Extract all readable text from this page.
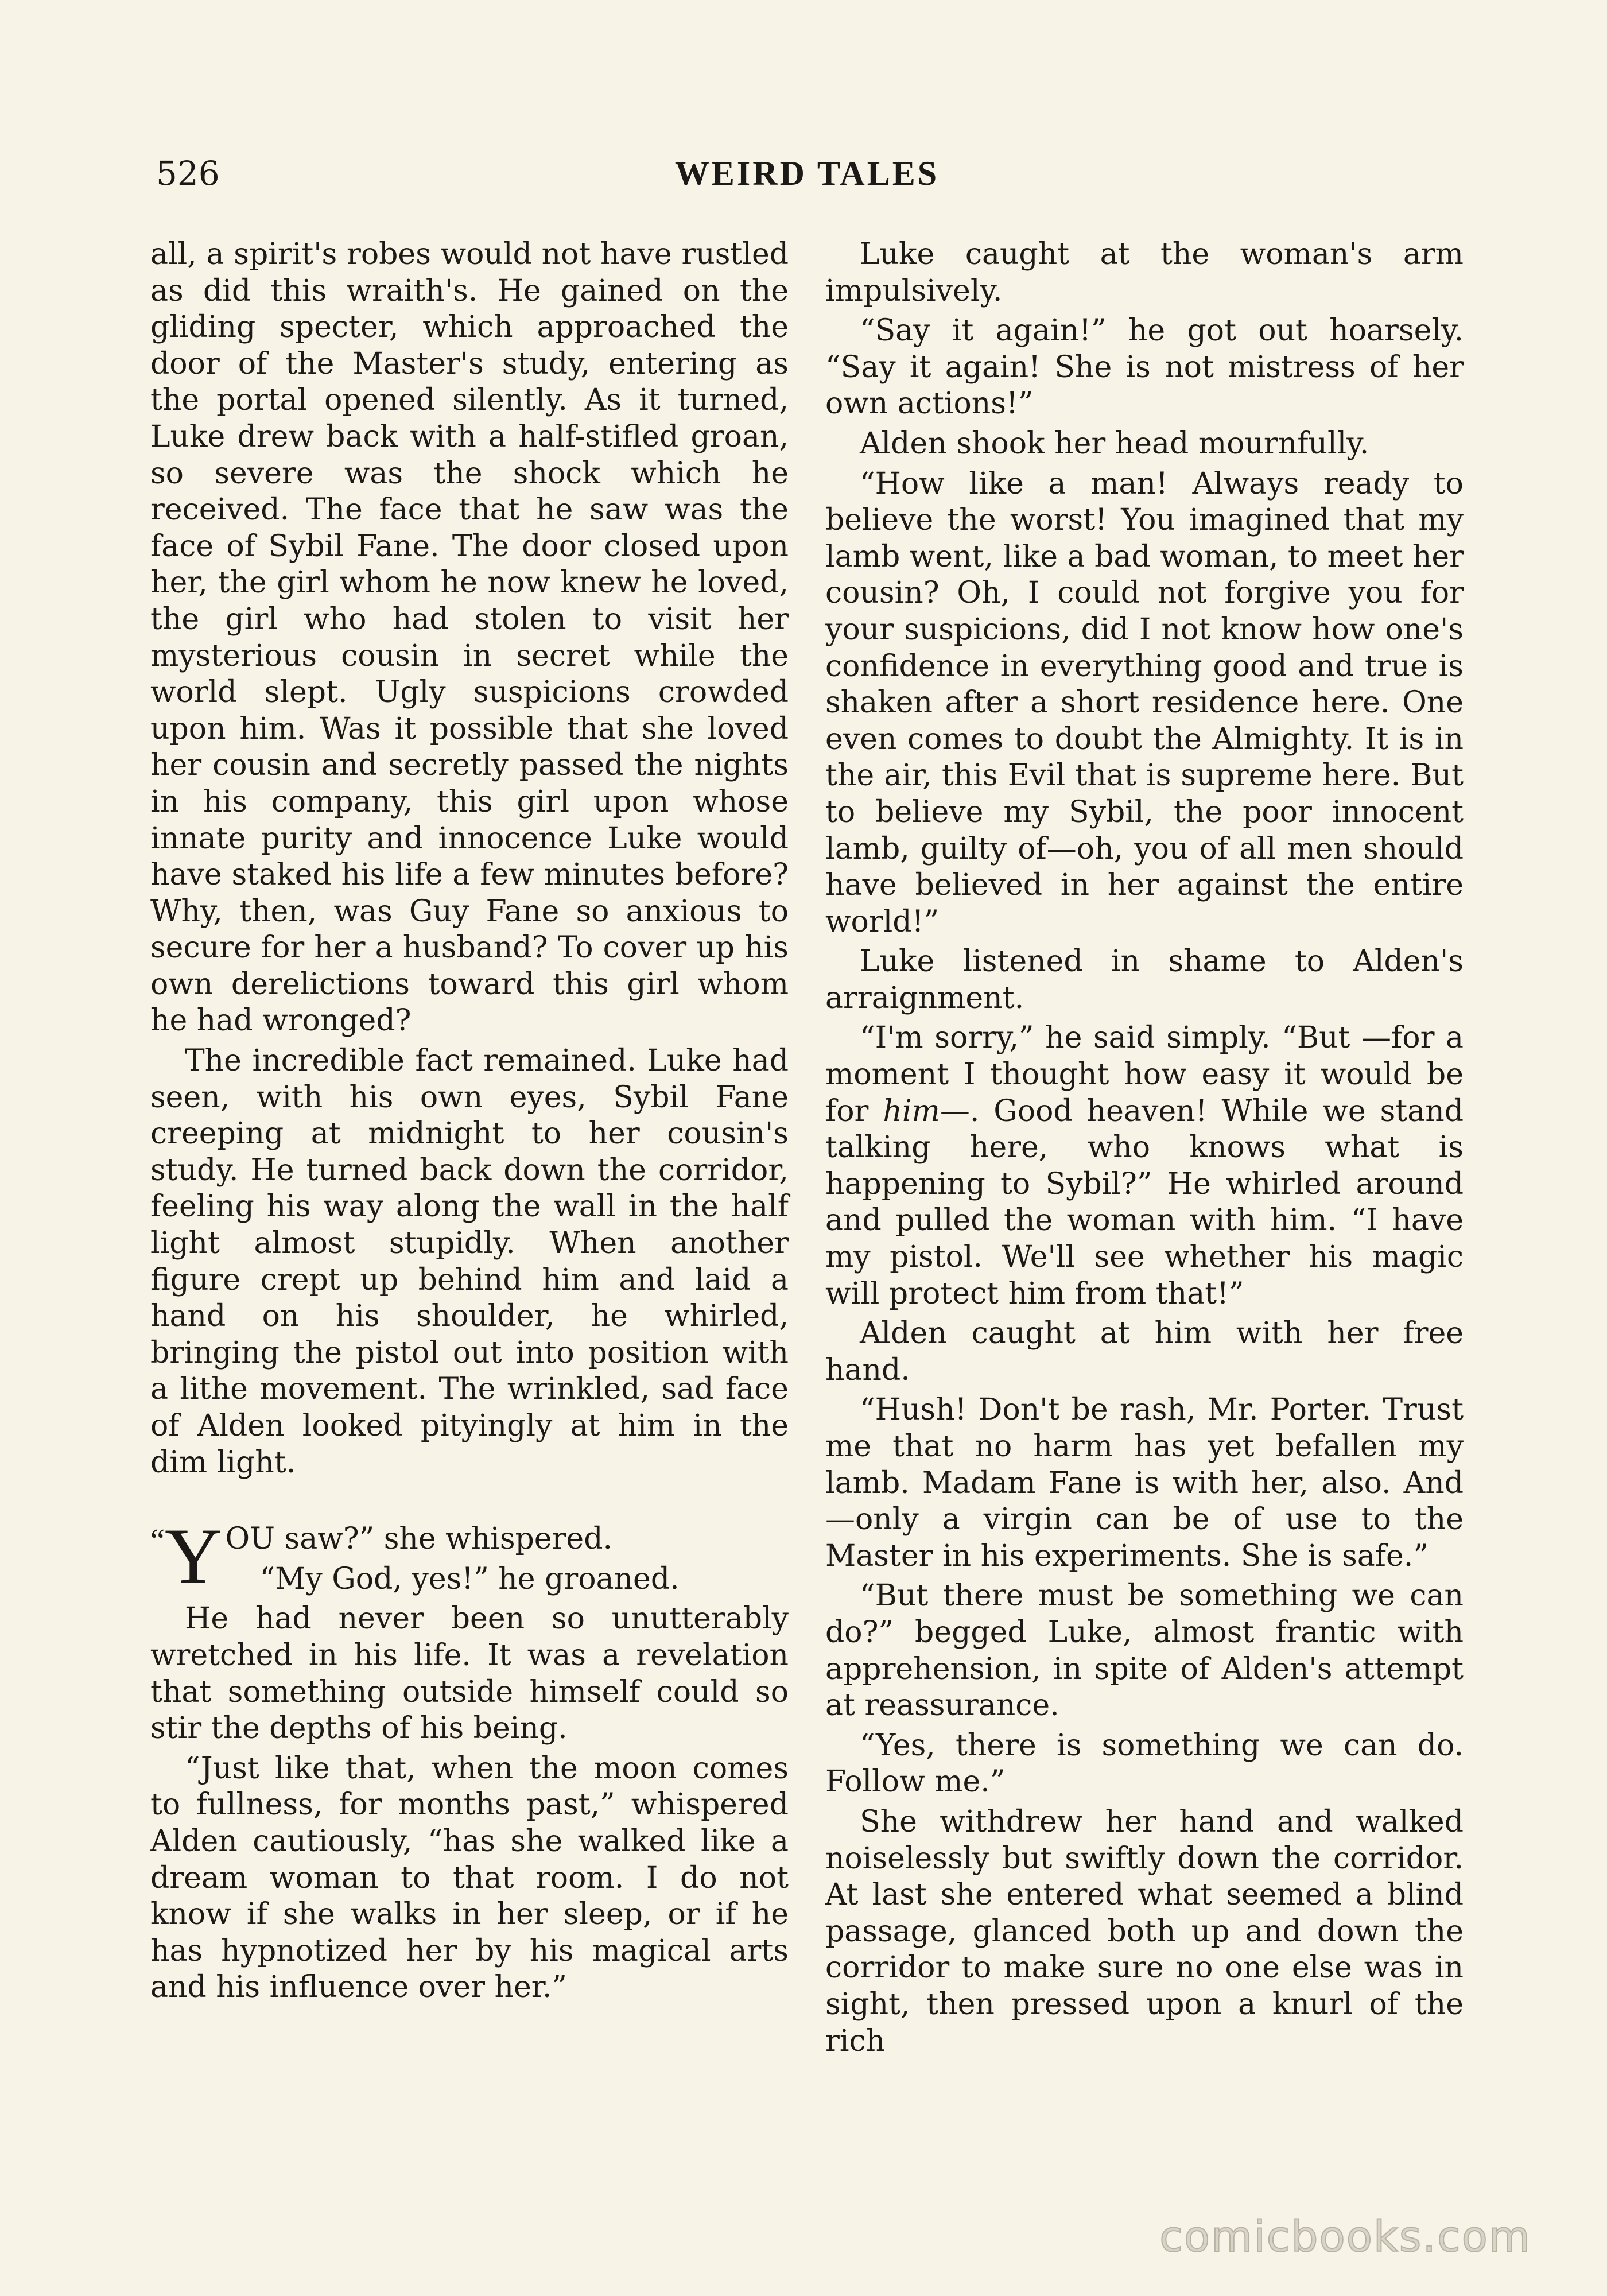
526	WEIRD TALES

all, a spirit's robes would not have rustled as did this wraith's. He gained on the gliding specter, which approached the door of the Master's study, entering as the portal opened silently. As it turned, Luke drew back with a half-stifled groan, so severe was the shock which he received. The face that he saw was the face of Sybil Fane. The door closed upon her, the girl whom he now knew he loved, the girl who had stolen to visit her mysterious cousin in secret while the world slept. Ugly suspicions crowded upon him. Was it possible that she loved her cousin and secretly passed the nights in his company, this girl upon whose innate purity and innocence Luke would have staked his life a few minutes before? Why, then, was Guy Fane so anxious to secure for her a husband? To cover up his own derelictions toward this girl whom he had wronged?

The incredible fact remained. Luke had seen, with his own eyes, Sybil Fane creeping at midnight to her cousin's study. He turned back down the corridor, feeling his way along the wall in the half light almost stupidly. When another figure crept up behind him and laid a hand on his shoulder, he whirled, bringing the pistol out into position with a lithe movement. The wrinkled, sad face of Alden looked pityingly at him in the dim light.

“Y OU saw?” she whispered.

“My God, yes!” he groaned.

He had never been so unutterably wretched in his life. It was a revelation that something outside himself could so stir the depths of his being.

“Just like that, when the moon comes to fullness, for months past,” whispered Alden cautiously, “has she walked like a dream woman to that room. I do not know if she walks in her sleep, or if he has hypnotized her by his magical arts and his influence over her.”

Luke caught at the woman's arm impulsively.

“Say it again!” he got out hoarsely. “Say it again! She is not mistress of her own actions!”

Alden shook her head mournfully.

“How like a man! Always ready to believe the worst! You imagined that my lamb went, like a bad woman, to meet her cousin? Oh, I could not forgive you for your suspicions, did I not know how one's confidence in everything good and true is shaken after a short residence here. One even comes to doubt the Almighty. It is in the air, this Evil that is supreme here. But to believe my Sybil, the poor innocent lamb, guilty of—oh, you of all men should have believed in her against the entire world!”

Luke listened in shame to Alden's arraignment.

“I'm sorry,” he said simply. “But —for a moment I thought how easy it would be for him—. Good heaven! While we stand talking here, who knows what is happening to Sybil?” He whirled around and pulled the woman with him. “I have my pistol. We'll see whether his magic will protect him from that!”

Alden caught at him with her free hand.

“Hush! Don't be rash, Mr. Porter. Trust me that no harm has yet befallen my lamb. Madam Fane is with her, also. And—only a virgin can be of use to the Master in his experiments. She is safe.”

“But there must be something we can do?” begged Luke, almost frantic with apprehension, in spite of Alden's attempt at reassurance.

“Yes, there is something we can do. Follow me.”

She withdrew her hand and walked noiselessly but swiftly down the corridor. At last she entered what seemed a blind passage, glanced both up and down the corridor to make sure no one else was in sight, then pressed upon a knurl of the rich

comicbooks.com
